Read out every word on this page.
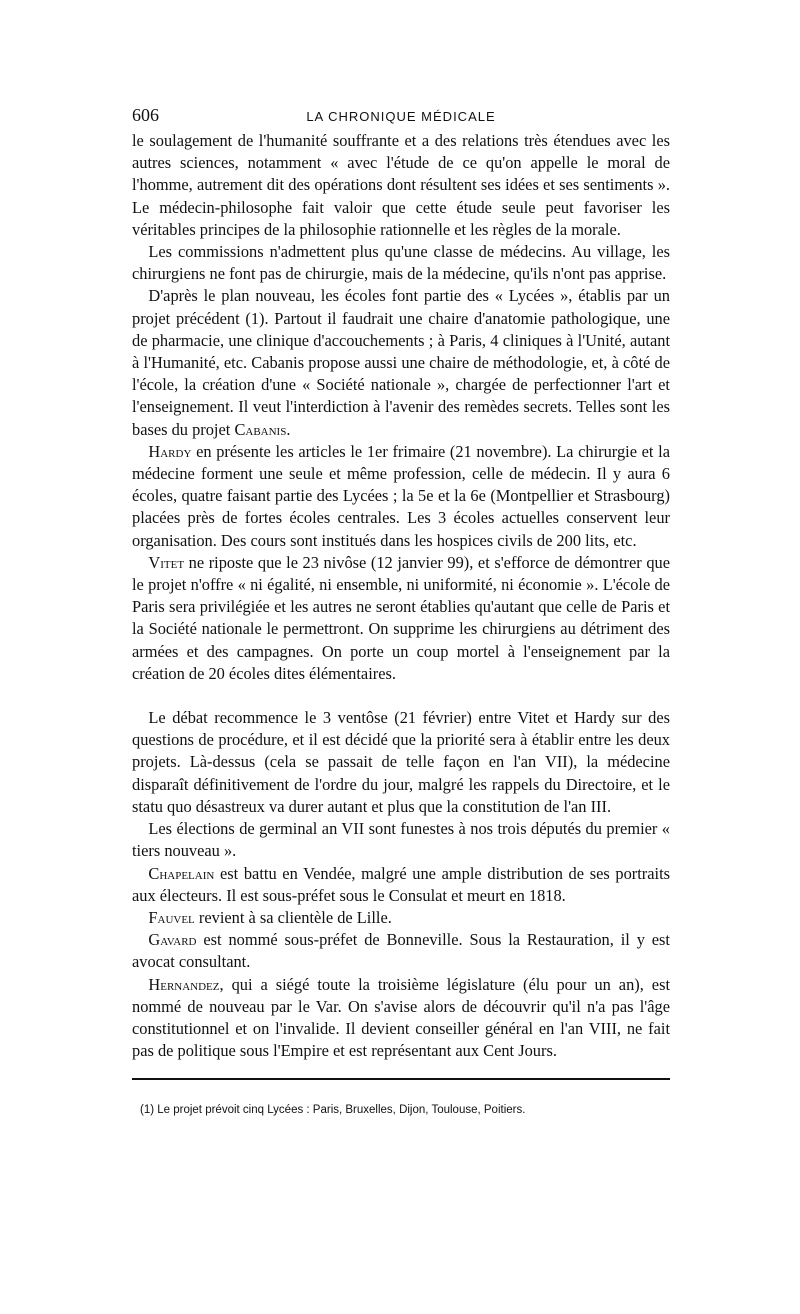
606	LA CHRONIQUE MÉDICALE

le soulagement de l'humanité souffrante et a des relations très étendues avec les autres sciences, notamment « avec l'étude de ce qu'on appelle le moral de l'homme, autrement dit des opérations dont résultent ses idées et ses sentiments ». Le médecin-philosophe fait valoir que cette étude seule peut favoriser les véritables principes de la philosophie rationnelle et les règles de la morale.

Les commissions n'admettent plus qu'une classe de médecins. Au village, les chirurgiens ne font pas de chirurgie, mais de la médecine, qu'ils n'ont pas apprise.

D'après le plan nouveau, les écoles font partie des « Lycées », établis par un projet précédent (1). Partout il faudrait une chaire d'anatomie pathologique, une de pharmacie, une clinique d'accouchements ; à Paris, 4 cliniques à l'Unité, autant à l'Humanité, etc. Cabanis propose aussi une chaire de méthodologie, et, à côté de l'école, la création d'une « Société nationale », chargée de perfectionner l'art et l'enseignement. Il veut l'interdiction à l'avenir des remèdes secrets. Telles sont les bases du projet Cabanis.

Hardy en présente les articles le 1er frimaire (21 novembre). La chirurgie et la médecine forment une seule et même profession, celle de médecin. Il y aura 6 écoles, quatre faisant partie des Lycées ; la 5e et la 6e (Montpellier et Strasbourg) placées près de fortes écoles centrales. Les 3 écoles actuelles conservent leur organisation. Des cours sont institués dans les hospices civils de 200 lits, etc.

Vitet ne riposte que le 23 nivôse (12 janvier 99), et s'efforce de démontrer que le projet n'offre « ni égalité, ni ensemble, ni uniformité, ni économie ». L'école de Paris sera privilégiée et les autres ne seront établies qu'autant que celle de Paris et la Société nationale le permettront. On supprime les chirurgiens au détriment des armées et des campagnes. On porte un coup mortel à l'enseignement par la création de 20 écoles dites élémentaires.

Le débat recommence le 3 ventôse (21 février) entre Vitet et Hardy sur des questions de procédure, et il est décidé que la priorité sera à établir entre les deux projets. Là-dessus (cela se passait de telle façon en l'an VII), la médecine disparaît définitivement de l'ordre du jour, malgré les rappels du Directoire, et le statu quo désastreux va durer autant et plus que la constitution de l'an III.

Les élections de germinal an VII sont funestes à nos trois députés du premier « tiers nouveau ».

Chapelain est battu en Vendée, malgré une ample distribution de ses portraits aux électeurs. Il est sous-préfet sous le Consulat et meurt en 1818.

Fauvel revient à sa clientèle de Lille.

Gavard est nommé sous-préfet de Bonneville. Sous la Restauration, il y est avocat consultant.

Hernandez, qui a siégé toute la troisième législature (élu pour un an), est nommé de nouveau par le Var. On s'avise alors de découvrir qu'il n'a pas l'âge constitutionnel et on l'invalide. Il devient conseiller général en l'an VIII, ne fait pas de politique sous l'Empire et est représentant aux Cent Jours.

(1) Le projet prévoit cinq Lycées : Paris, Bruxelles, Dijon, Toulouse, Poitiers.
